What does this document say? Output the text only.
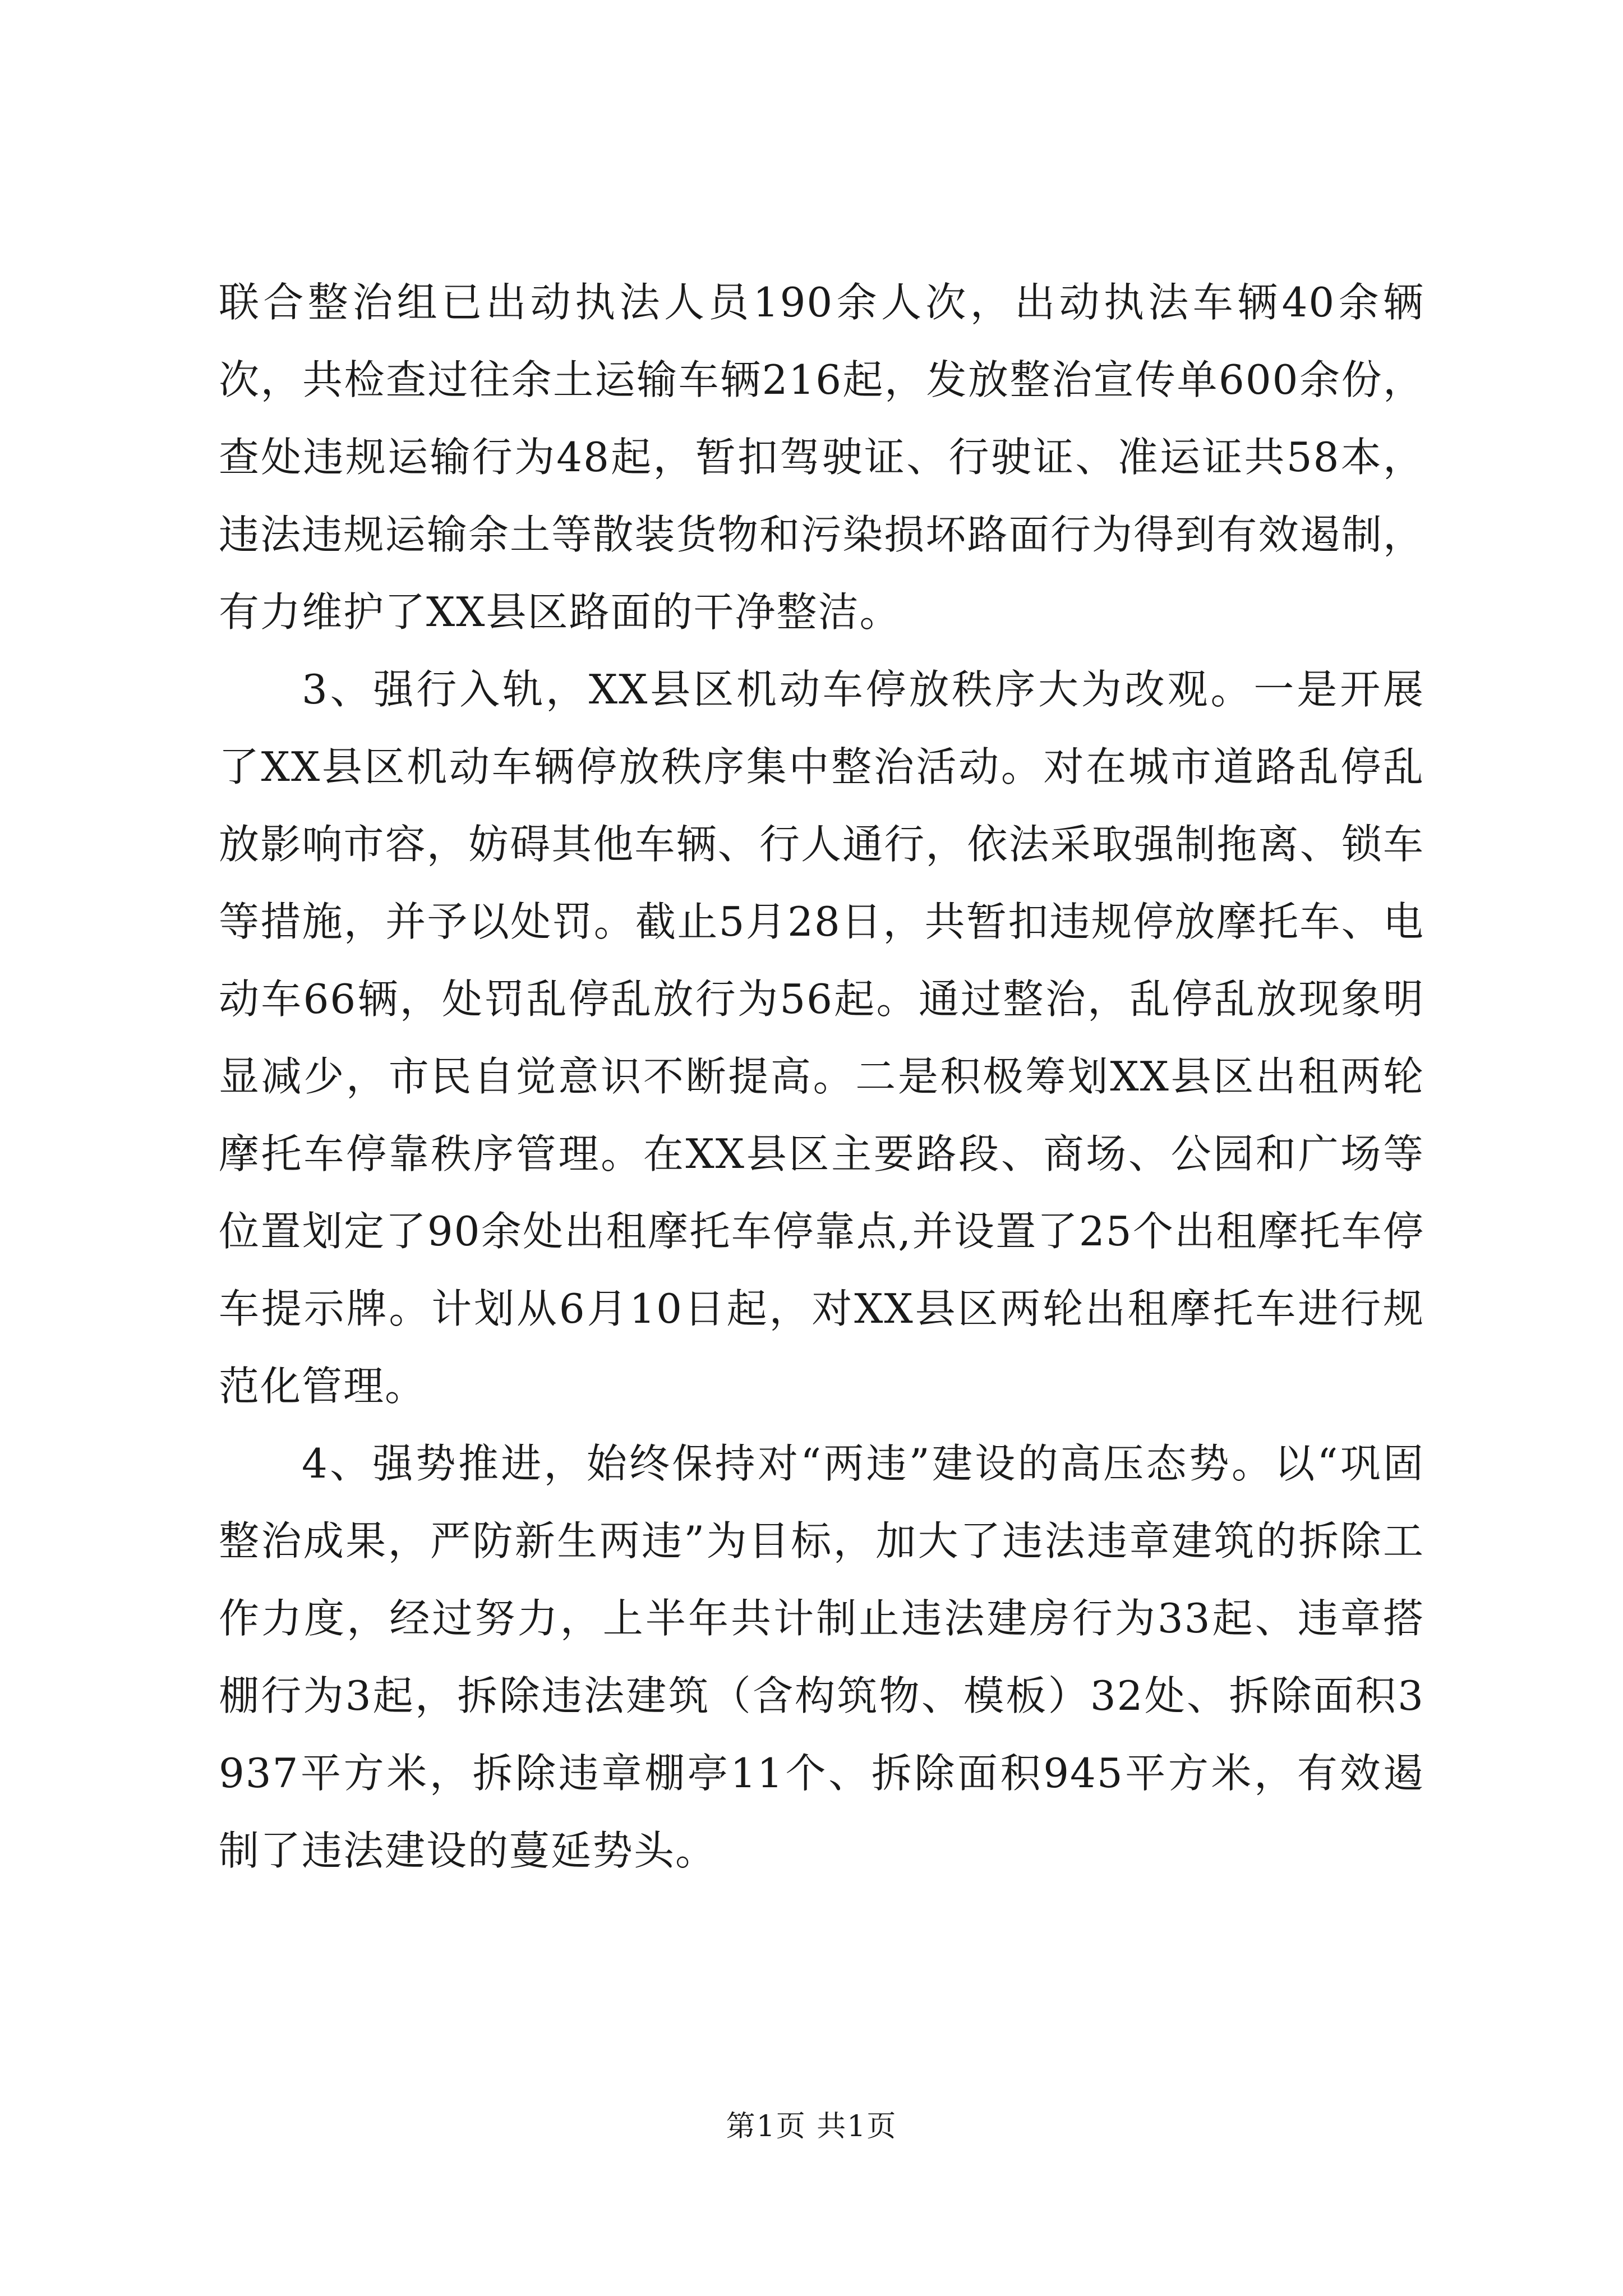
联合整治组已出动执法人员190余人次，出动执法车辆40余辆次，共检查过往余土运输车辆216起，发放整治宣传单600余份，查处违规运输行为48起，暂扣驾驶证、行驶证、准运证共58本，违法违规运输余土等散装货物和污染损坏路面行为得到有效遏制，有力维护了XX县区路面的干净整洁。

3、强行入轨，XX县区机动车停放秩序大为改观。一是开展了XX县区机动车辆停放秩序集中整治活动。对在城市道路乱停乱放影响市容，妨碍其他车辆、行人通行，依法采取强制拖离、锁车等措施，并予以处罚。截止5月28日，共暂扣违规停放摩托车、电动车66辆，处罚乱停乱放行为56起。通过整治，乱停乱放现象明显减少，市民自觉意识不断提高。二是积极筹划XX县区出租两轮摩托车停靠秩序管理。在XX县区主要路段、商场、公园和广场等位置划定了90余处出租摩托车停靠点,并设置了25个出租摩托车停车提示牌。计划从6月10日起，对XX县区两轮出租摩托车进行规范化管理。

4、强势推进，始终保持对“两违”建设的高压态势。以“巩固整治成果，严防新生两违”为目标，加大了违法违章建筑的拆除工作力度，经过努力，上半年共计制止违法建房行为33起、违章搭棚行为3起，拆除违法建筑（含构筑物、模板）32处、拆除面积3937平方米，拆除违章棚亭11个、拆除面积945平方米，有效遏制了违法建设的蔓延势头。

第1页 共1页
